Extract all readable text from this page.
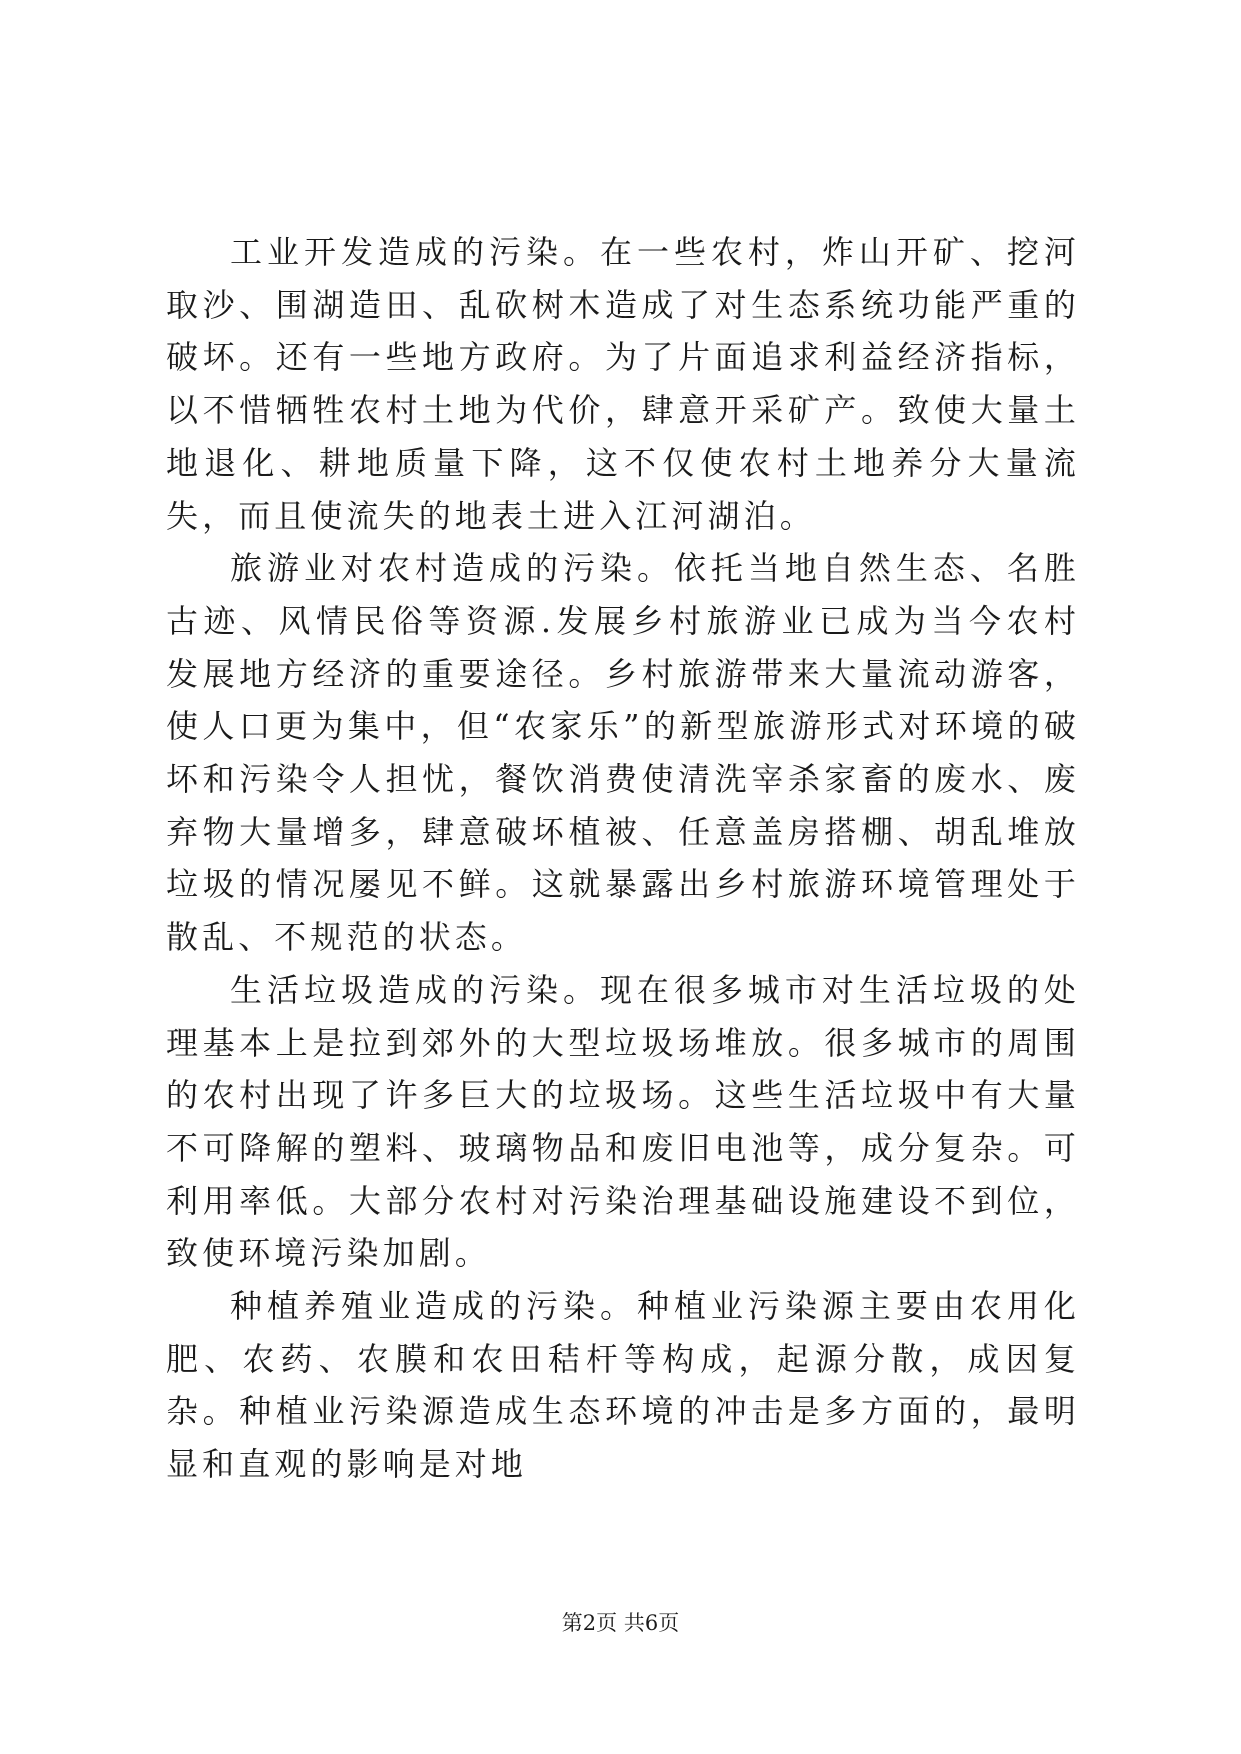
工业开发造成的污染。在一些农村，炸山开矿、挖河取沙、围湖造田、乱砍树木造成了对生态系统功能严重的破坏。还有一些地方政府。为了片面追求利益经济指标，以不惜牺牲农村土地为代价，肆意开采矿产。致使大量土地退化、耕地质量下降，这不仅使农村土地养分大量流失，而且使流失的地表土进入江河湖泊。

旅游业对农村造成的污染。依托当地自然生态、名胜古迹、风情民俗等资源.发展乡村旅游业已成为当今农村发展地方经济的重要途径。乡村旅游带来大量流动游客，使人口更为集中，但“农家乐”的新型旅游形式对环境的破坏和污染令人担忧，餐饮消费使清洗宰杀家畜的废水、废弃物大量增多，肆意破坏植被、任意盖房搭棚、胡乱堆放垃圾的情况屡见不鲜。这就暴露出乡村旅游环境管理处于散乱、不规范的状态。

生活垃圾造成的污染。现在很多城市对生活垃圾的处理基本上是拉到郊外的大型垃圾场堆放。很多城市的周围的农村出现了许多巨大的垃圾场。这些生活垃圾中有大量不可降解的塑料、玻璃物品和废旧电池等，成分复杂。可利用率低。大部分农村对污染治理基础设施建设不到位，致使环境污染加剧。

种植养殖业造成的污染。种植业污染源主要由农用化肥、农药、农膜和农田秸杆等构成，起源分散，成因复杂。种植业污染源造成生态环境的冲击是多方面的，最明显和直观的影响是对地

第2页 共6页
